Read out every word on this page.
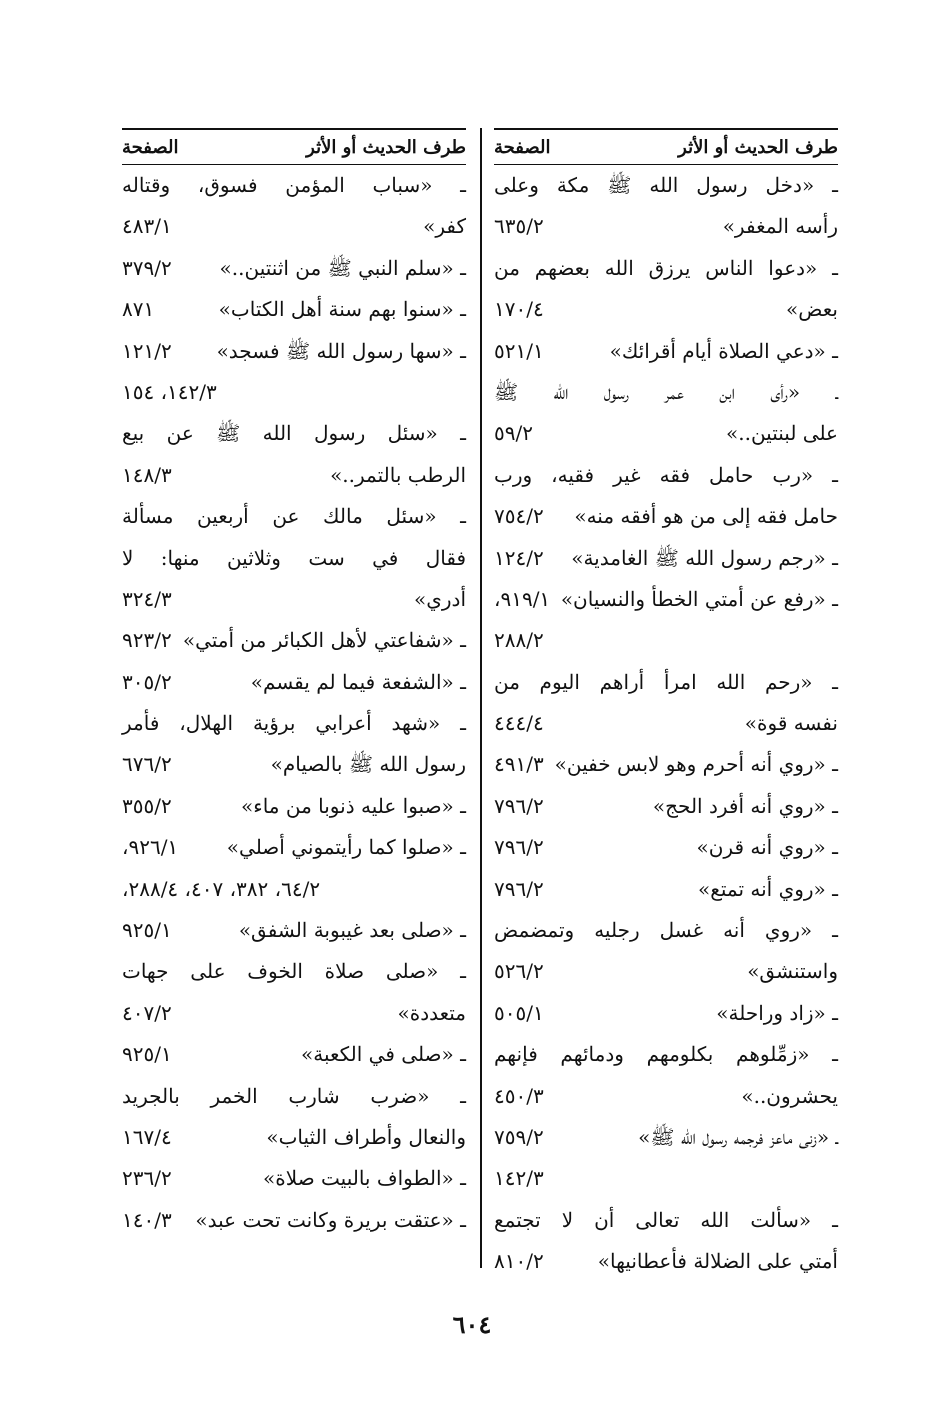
طرف الحديث أو الأثر
الصفحة
ـ «دخل رسول الله ﷺ مكة وعلى
رأسه المغفر»
٦٣٥/٢
ـ «دعوا الناس يرزق الله بعضهم من
بعض»
١٧٠/٤
ـ «دعي الصلاة أيام أقرائك»
٥٢١/١
ـ «رأى ابن عمر رسول الله ﷺ
على لبنتين..»
٥٩/٢
ـ «رب حامل فقه غير فقيه، ورب
حامل فقه إلى من هو أفقه منه»
٧٥٤/٢
ـ «رجم رسول الله ﷺ الغامدية»
١٢٤/٢
ـ «رفع عن أمتي الخطأ والنسيان»
٩١٩/١،
٢٨٨/٢
ـ «رحم الله امرأ أراهم اليوم من
نفسه قوة»
٤٤٤/٤
ـ «روي أنه أحرم وهو لابس خفين»
٤٩١/٣
ـ «روي أنه أفرد الحج»
٧٩٦/٢
ـ «روي أنه قرن»
٧٩٦/٢
ـ «روي أنه تمتع»
٧٩٦/٢
ـ «روي أنه غسل رجليه وتمضمض
واستنشق»
٥٢٦/٢
ـ «زاد وراحلة»
٥٠٥/١
ـ «زمِّلوهم بكلومهم ودمائهم فإنهم
يحشرون..»
٤٥٠/٣
ـ «زنى ماعز فرجمه رسول الله ﷺ»
٧٥٩/٢
١٤٢/٣
ـ «سألت الله تعالى أن لا تجتمع
أمتي على الضلالة فأعطانيها»
٨١٠/٢
طرف الحديث أو الأثر
الصفحة
ـ «سباب المؤمن فسوق، وقتاله
كفر»
٤٨٣/١
ـ «سلم النبي ﷺ من اثنتين..»
٣٧٩/٢
ـ «سنوا بهم سنة أهل الكتاب»
٨٧١
ـ «سها رسول الله ﷺ فسجد»
١٢١/٢
١٤٢/٣، ١٥٤
ـ «سئل رسول الله ﷺ عن بيع
الرطب بالتمر..»
١٤٨/٣
ـ «سئل مالك عن أربعين مسألة
فقال في ست وثلاثين منها: لا
أدري»
٣٢٤/٣
ـ «شفاعتي لأهل الكبائر من أمتي»
٩٢٣/٢
ـ «الشفعة فيما لم يقسم»
٣٠٥/٢
ـ «شهد أعرابي برؤية الهلال، فأمر
رسول الله ﷺ بالصيام»
٦٧٦/٢
ـ «صبوا عليه ذنوبا من ماء»
٣٥٥/٢
ـ «صلوا كما رأيتموني أصلي»
٩٢٦/١،
٦٤/٢، ٣٨٢، ٤٠٧، ٢٨٨/٤،
ـ «صلى بعد غيبوبة الشفق»
٩٢٥/١
ـ «صلى صلاة الخوف على جهات
متعددة»
٤٠٧/٢
ـ «صلى في الكعبة»
٩٢٥/١
ـ «ضرب شارب الخمر بالجريد
والنعال وأطراف الثياب»
١٦٧/٤
ـ «الطواف بالبيت صلاة»
٢٣٦/٢
ـ «عتقت بريرة وكانت تحت عبد»
١٤٠/٣
٦٠٤
